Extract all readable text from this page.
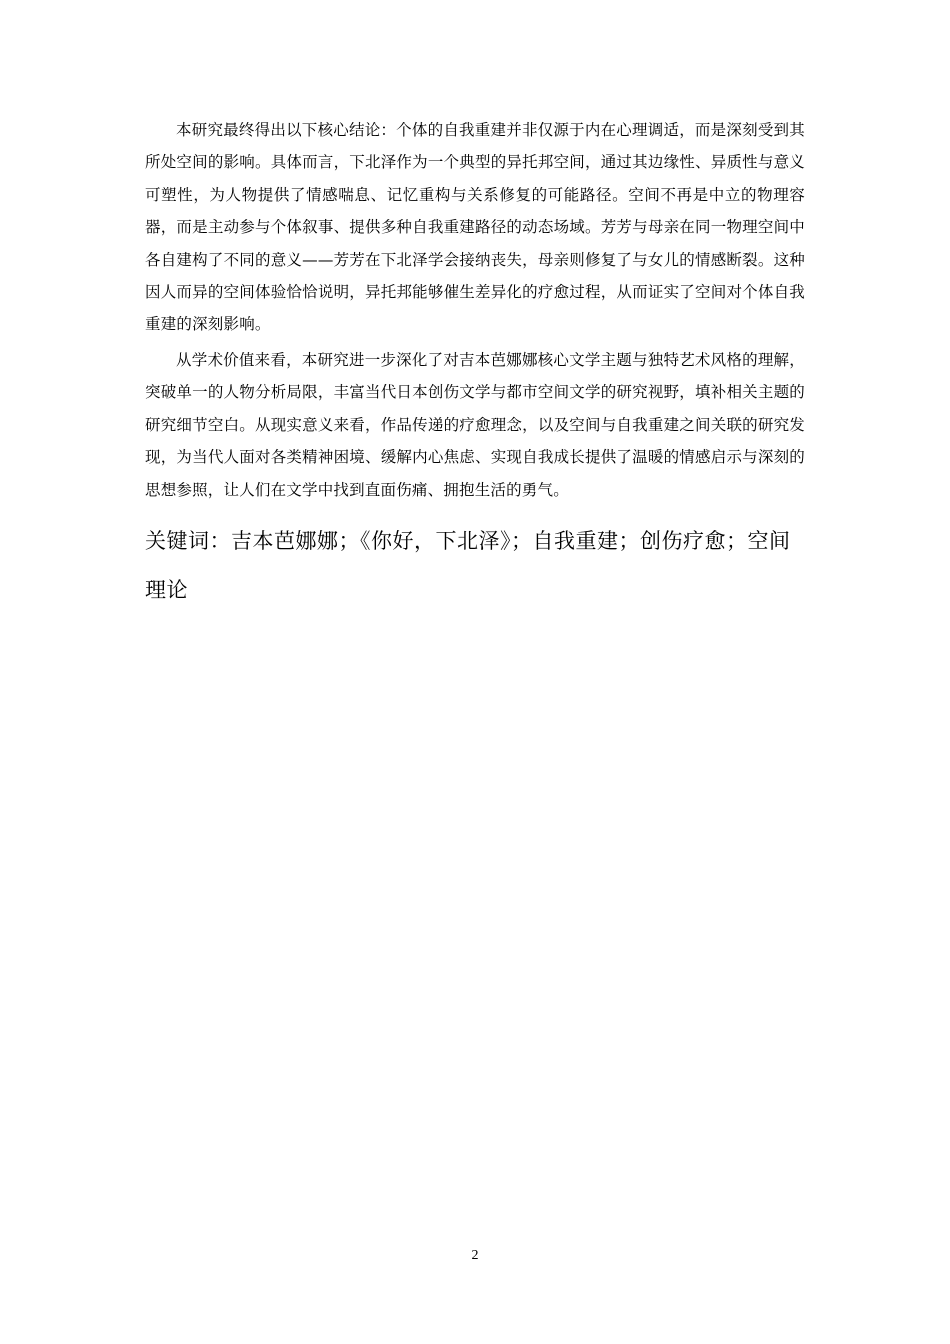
本研究最终得出以下核心结论：个体的自我重建并非仅源于内在心理调适，而是深刻受到其所处空间的影响。具体而言，下北泽作为一个典型的异托邦空间，通过其边缘性、异质性与意义可塑性，为人物提供了情感喘息、记忆重构与关系修复的可能路径。空间不再是中立的物理容器，而是主动参与个体叙事、提供多种自我重建路径的动态场域。芳芳与母亲在同一物理空间中各自建构了不同的意义——芳芳在下北泽学会接纳丧失，母亲则修复了与女儿的情感断裂。这种因人而异的空间体验恰恰说明，异托邦能够催生差异化的疗愈过程，从而证实了空间对个体自我重建的深刻影响。

从学术价值来看，本研究进一步深化了对吉本芭娜娜核心文学主题与独特艺术风格的理解，突破单一的人物分析局限，丰富当代日本创伤文学与都市空间文学的研究视野，填补相关主题的研究细节空白。从现实意义来看，作品传递的疗愈理念，以及空间与自我重建之间关联的研究发现，为当代人面对各类精神困境、缓解内心焦虑、实现自我成长提供了温暖的情感启示与深刻的思想参照，让人们在文学中找到直面伤痛、拥抱生活的勇气。

关键词：吉本芭娜娜；《你好，下北泽》；自我重建；创伤疗愈；空间理论

2
